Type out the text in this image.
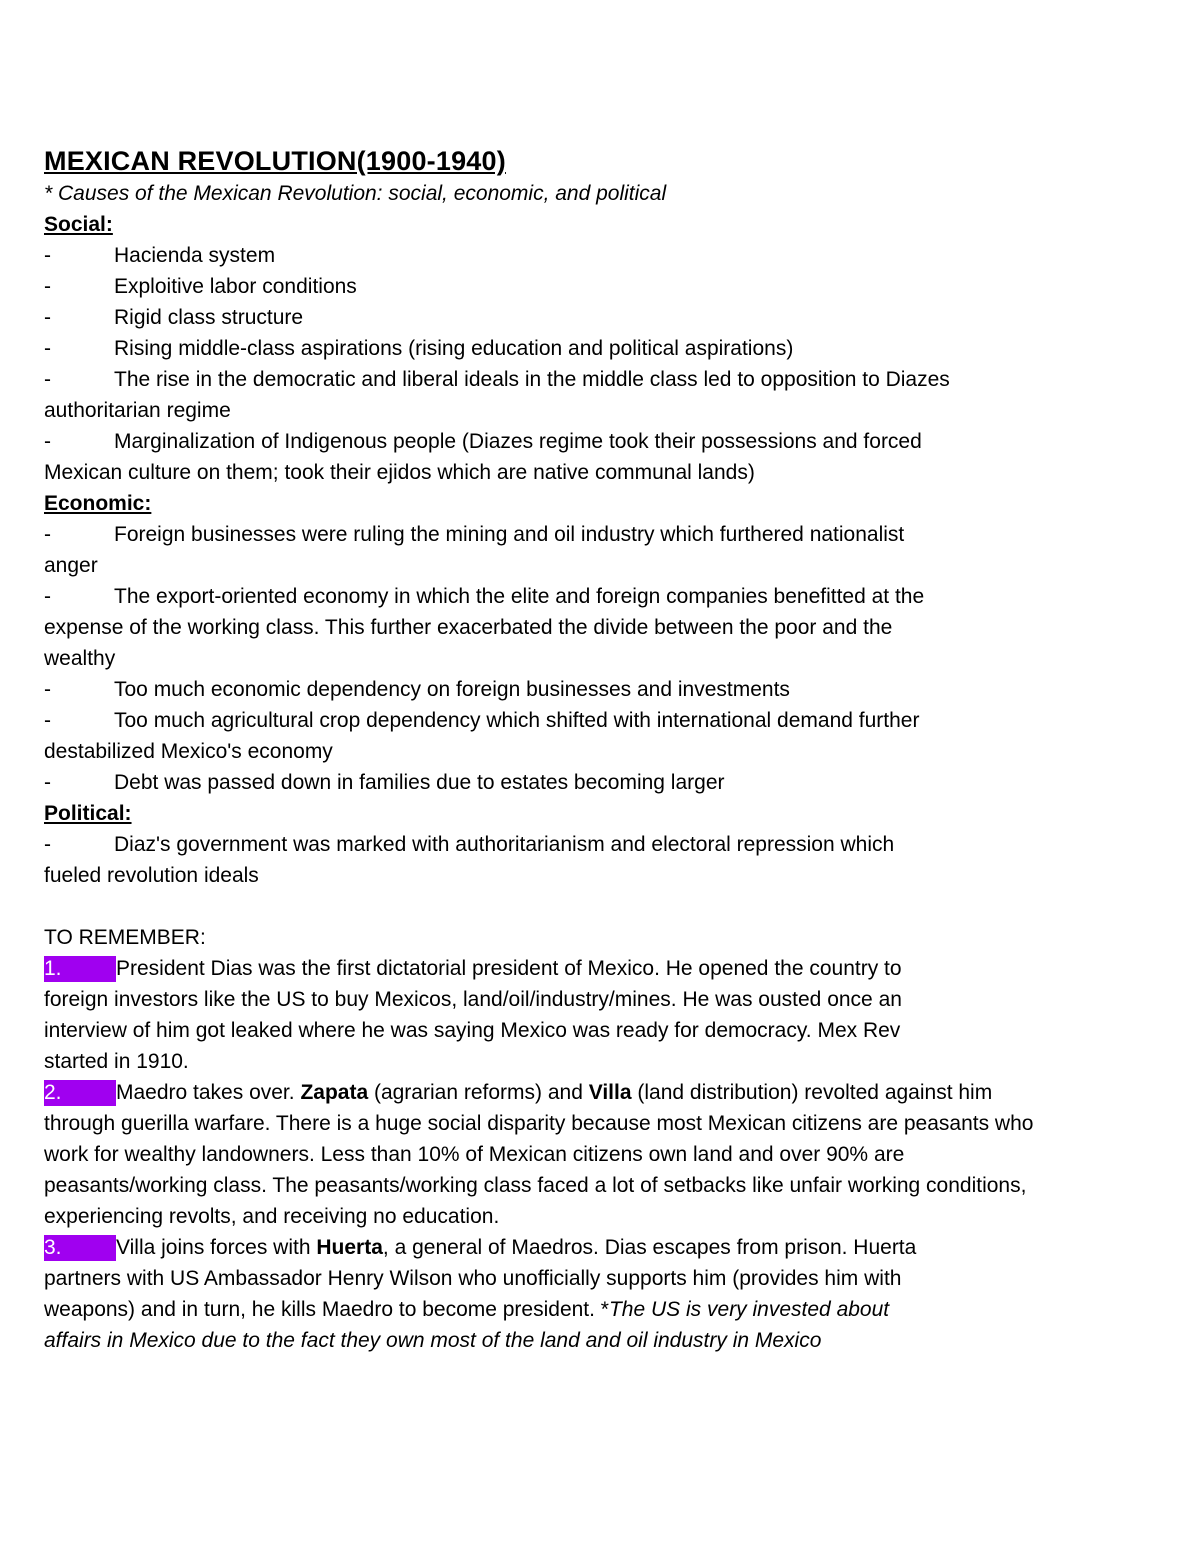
MEXICAN REVOLUTION(1900-1940)
* Causes of the Mexican Revolution: social, economic, and political
Social:
-	Hacienda system
-	Exploitive labor conditions
-	Rigid class structure
-	Rising middle-class aspirations (rising education and political aspirations)
-	The rise in the democratic and liberal ideals in the middle class led to opposition to Diazes
authoritarian regime
-	Marginalization of Indigenous people (Diazes regime took their possessions and forced
Mexican culture on them; took their ejidos which are native communal lands)
Economic:
-	Foreign businesses were ruling the mining and oil industry which furthered nationalist
anger
-	The export-oriented economy in which the elite and foreign companies benefitted at the
expense of the working class. This further exacerbated the divide between the poor and the
wealthy
-	Too much economic dependency on foreign businesses and investments
-	Too much agricultural crop dependency which shifted with international demand further
destabilized Mexico's economy
-	Debt was passed down in families due to estates becoming larger
Political:
-	Diaz's government was marked with authoritarianism and electoral repression which
fueled revolution ideals

TO REMEMBER:
1.	President Dias was the first dictatorial president of Mexico. He opened the country to
foreign investors like the US to buy Mexicos, land/oil/industry/mines. He was ousted once an
interview of him got leaked where he was saying Mexico was ready for democracy. Mex Rev
started in 1910.
2.	Maedro takes over. Zapata (agrarian reforms) and Villa (land distribution) revolted against him
through guerilla warfare. There is a huge social disparity because most Mexican citizens are peasants who
work for wealthy landowners. Less than 10% of Mexican citizens own land and over 90% are
peasants/working class. The peasants/working class faced a lot of setbacks like unfair working conditions,
experiencing revolts, and receiving no education.
3.	Villa joins forces with Huerta, a general of Maedros. Dias escapes from prison. Huerta
partners with US Ambassador Henry Wilson who unofficially supports him (provides him with
weapons) and in turn, he kills Maedro to become president. *The US is very invested about
affairs in Mexico due to the fact they own most of the land and oil industry in Mexico
